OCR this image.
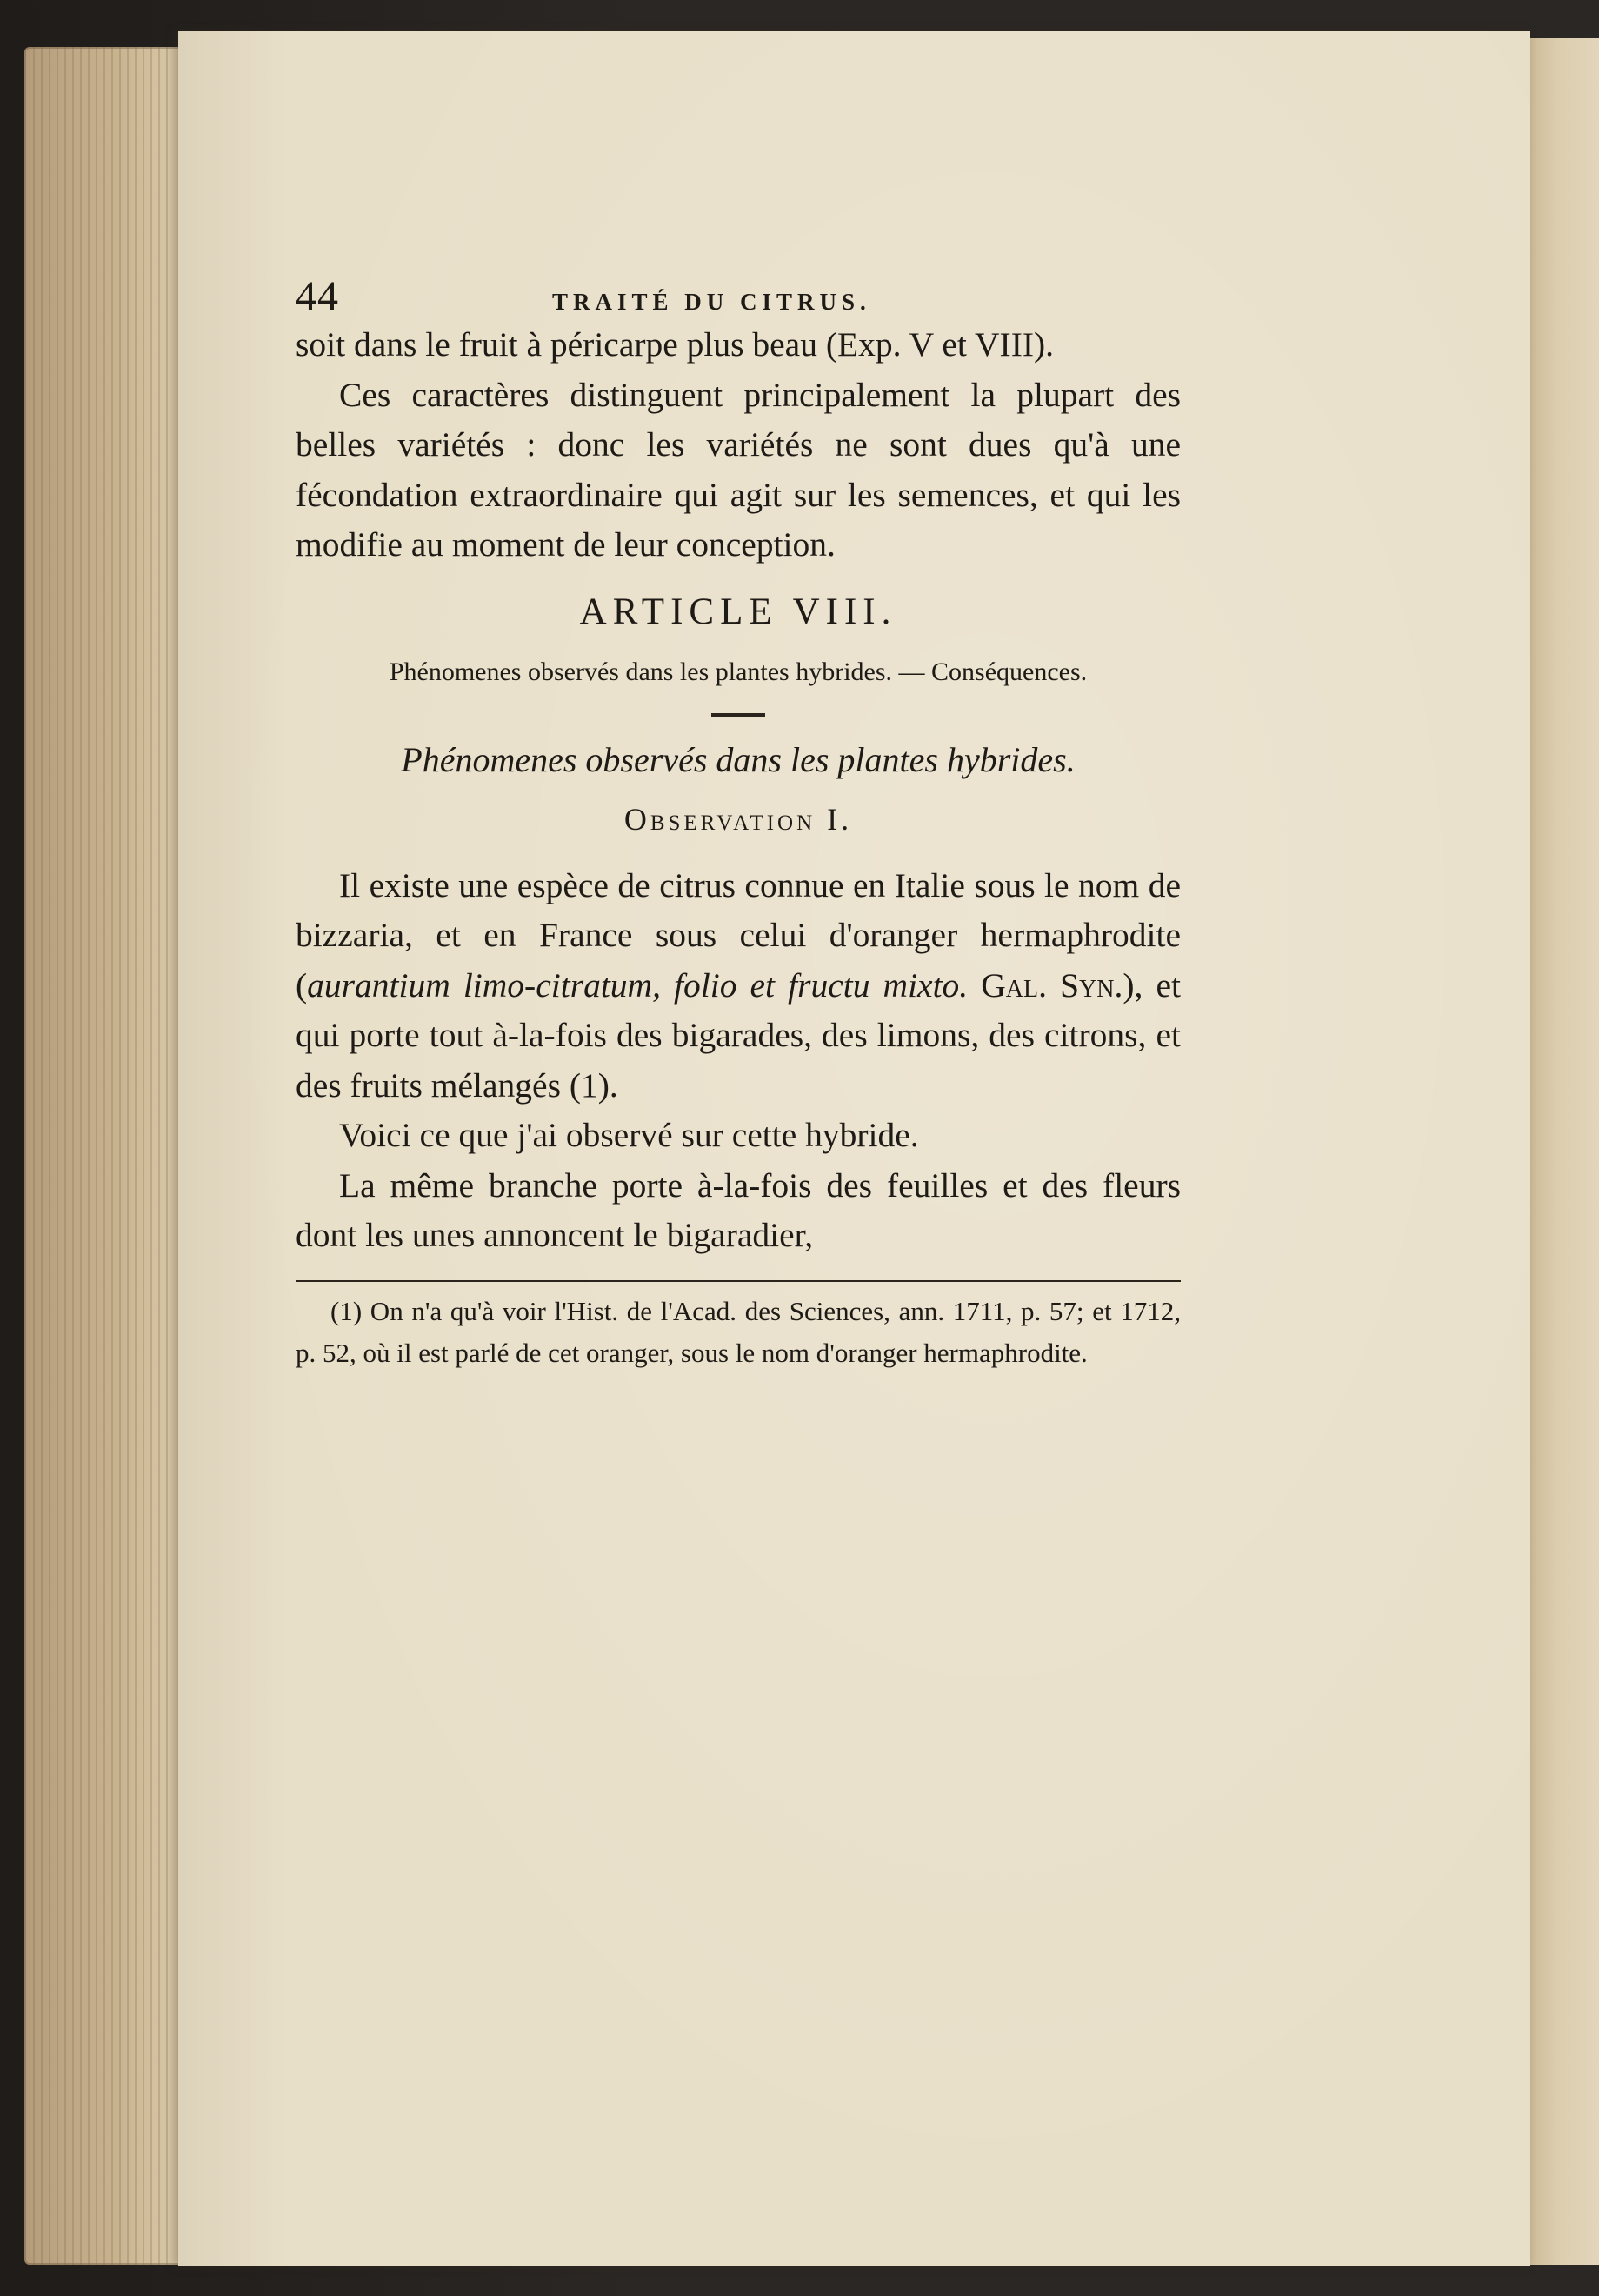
44	TRAITÉ DU CITRUS.

soit dans le fruit à péricarpe plus beau (Exp. V et VIII).

Ces caractères distinguent principalement la plupart des belles variétés : donc les variétés ne sont dues qu'à une fécondation extraordinaire qui agit sur les semences, et qui les modifie au moment de leur conception.

ARTICLE VIII.
Phénomenes observés dans les plantes hybrides. — Conséquences.
Phénomenes observés dans les plantes hybrides.
Observation I.

Il existe une espèce de citrus connue en Italie sous le nom de bizzaria, et en France sous celui d'oranger hermaphrodite (aurantium limo-citratum, folio et fructu mixto. Gal. Syn.), et qui porte tout à-la-fois des bigarades, des limons, des citrons, et des fruits mélangés (1).

Voici ce que j'ai observé sur cette hybride.

La même branche porte à-la-fois des feuilles et des fleurs dont les unes annoncent le bigaradier,

(1) On n'a qu'à voir l'Hist. de l'Acad. des Sciences, ann. 1711, p. 57; et 1712, p. 52, où il est parlé de cet oranger, sous le nom d'oranger hermaphrodite.
